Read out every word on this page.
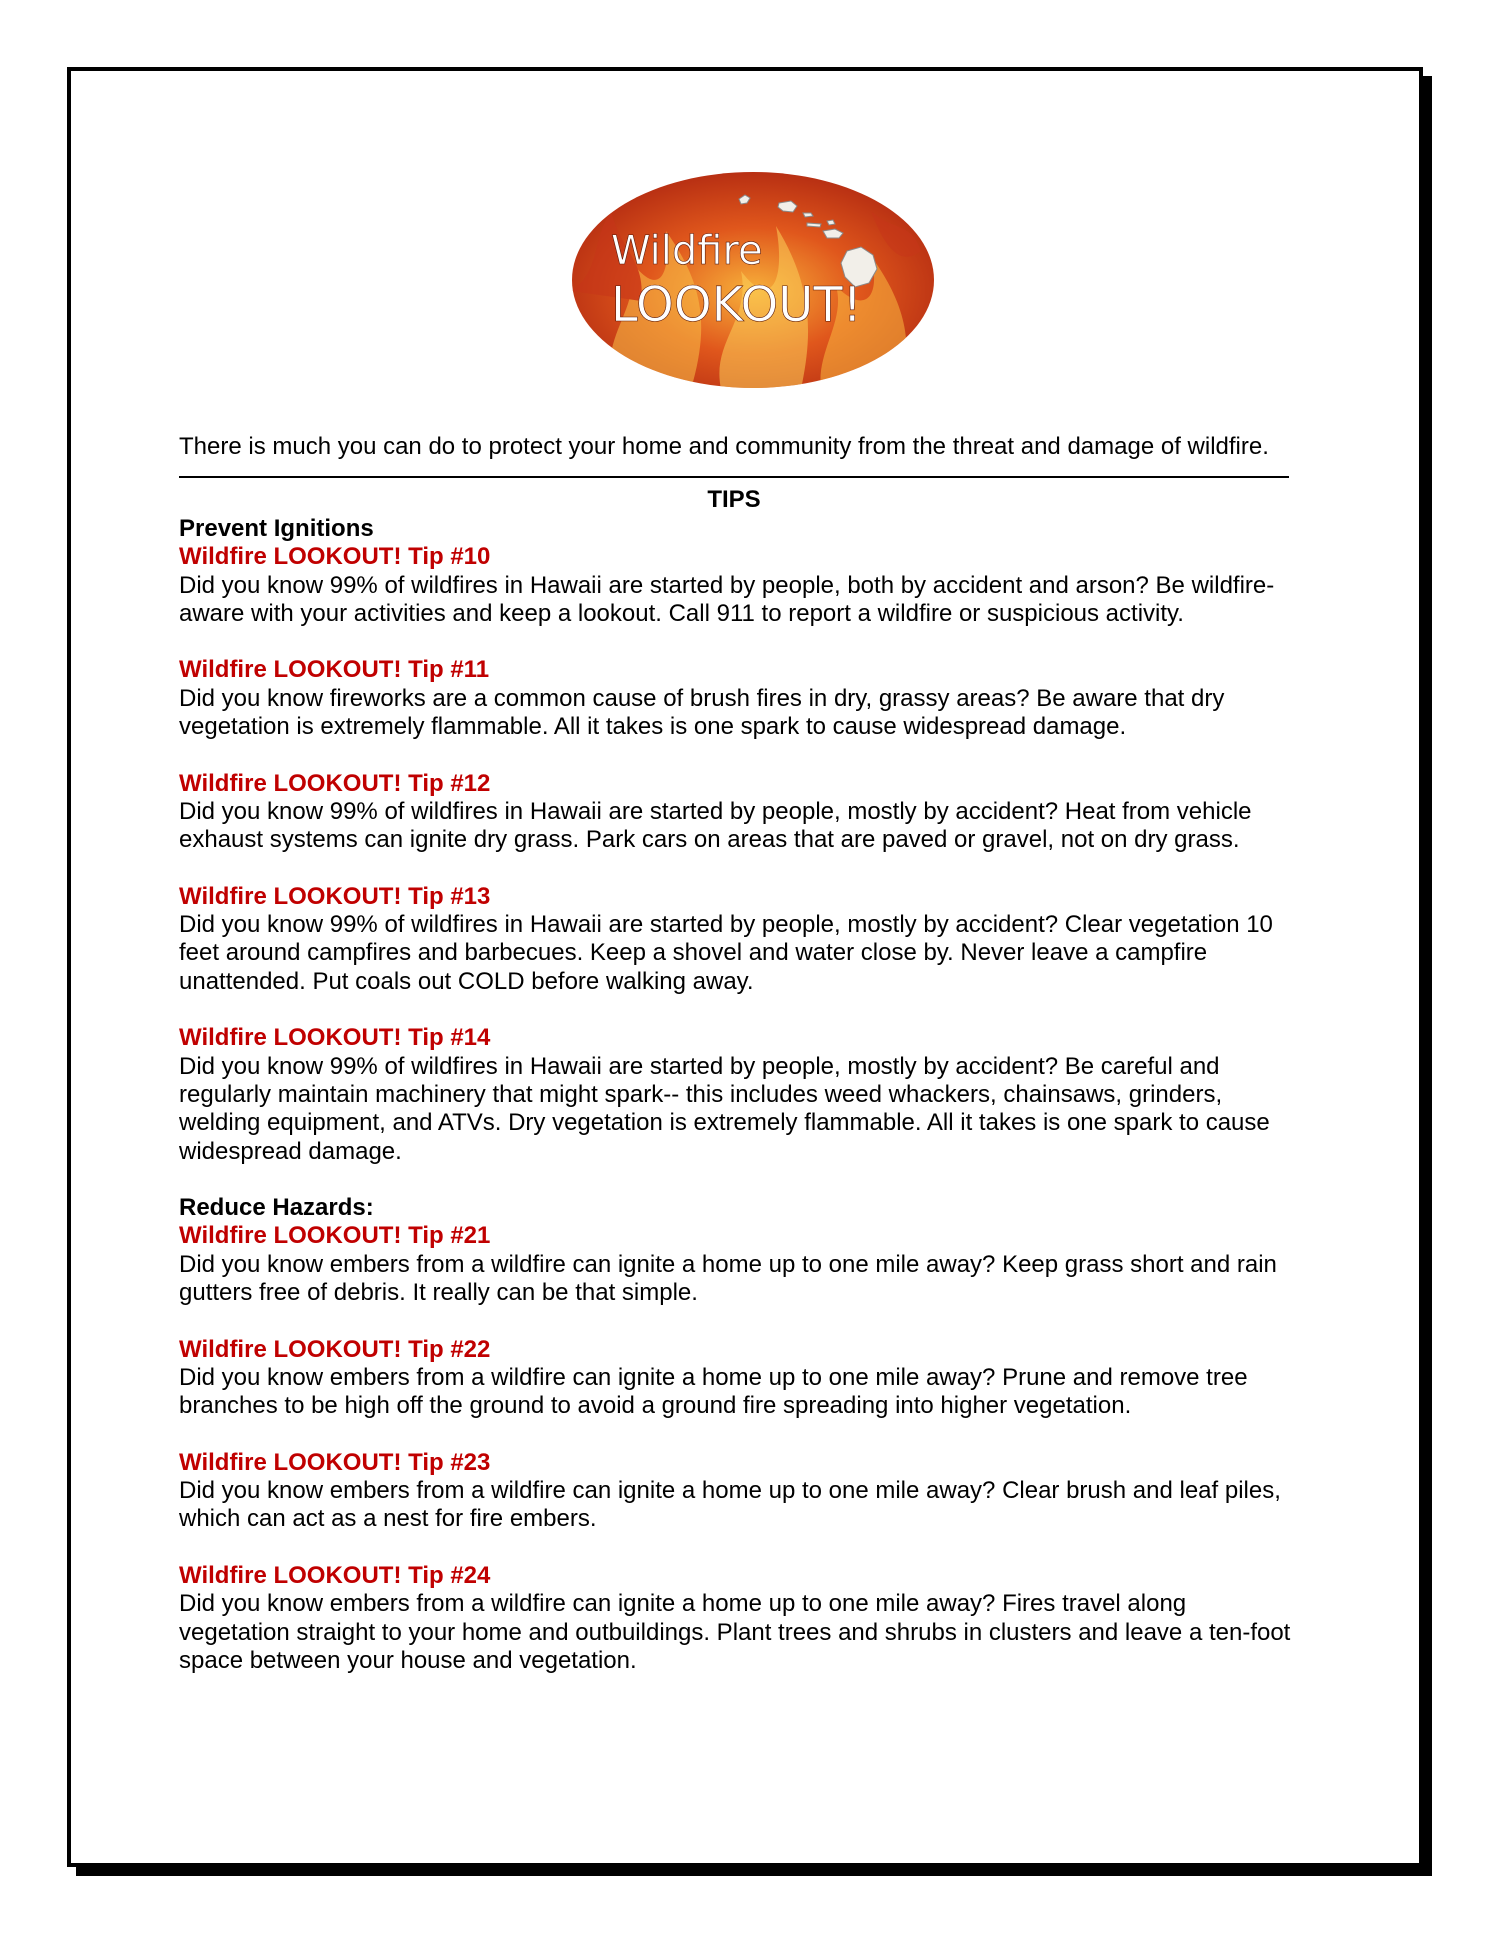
Wildfire
LOOKOUT!
There is much you can do to protect your home and community from the threat and damage of wildfire.
TIPS
Prevent Ignitions
Wildfire LOOKOUT! Tip #10
Did you know 99% of wildfires in Hawaii are started by people, both by accident and arson? Be wildfire-
aware with your activities and keep a lookout. Call 911 to report a wildfire or suspicious activity.
Wildfire LOOKOUT! Tip #11
Did you know fireworks are a common cause of brush fires in dry, grassy areas? Be aware that dry
vegetation is extremely flammable. All it takes is one spark to cause widespread damage.
Wildfire LOOKOUT! Tip #12
Did you know 99% of wildfires in Hawaii are started by people, mostly by accident? Heat from vehicle
exhaust systems can ignite dry grass. Park cars on areas that are paved or gravel, not on dry grass.
Wildfire LOOKOUT! Tip #13
Did you know 99% of wildfires in Hawaii are started by people, mostly by accident? Clear vegetation 10
feet around campfires and barbecues. Keep a shovel and water close by. Never leave a campfire
unattended. Put coals out COLD before walking away.
Wildfire LOOKOUT! Tip #14
Did you know 99% of wildfires in Hawaii are started by people, mostly by accident? Be careful and
regularly maintain machinery that might spark-- this includes weed whackers, chainsaws, grinders,
welding equipment, and ATVs. Dry vegetation is extremely flammable. All it takes is one spark to cause
widespread damage.
Reduce Hazards:
Wildfire LOOKOUT! Tip #21
Did you know embers from a wildfire can ignite a home up to one mile away? Keep grass short and rain
gutters free of debris. It really can be that simple.
Wildfire LOOKOUT! Tip #22
Did you know embers from a wildfire can ignite a home up to one mile away? Prune and remove tree
branches to be high off the ground to avoid a ground fire spreading into higher vegetation.
Wildfire LOOKOUT! Tip #23
Did you know embers from a wildfire can ignite a home up to one mile away? Clear brush and leaf piles,
which can act as a nest for fire embers.
Wildfire LOOKOUT! Tip #24
Did you know embers from a wildfire can ignite a home up to one mile away? Fires travel along
vegetation straight to your home and outbuildings. Plant trees and shrubs in clusters and leave a ten-foot
space between your house and vegetation.
